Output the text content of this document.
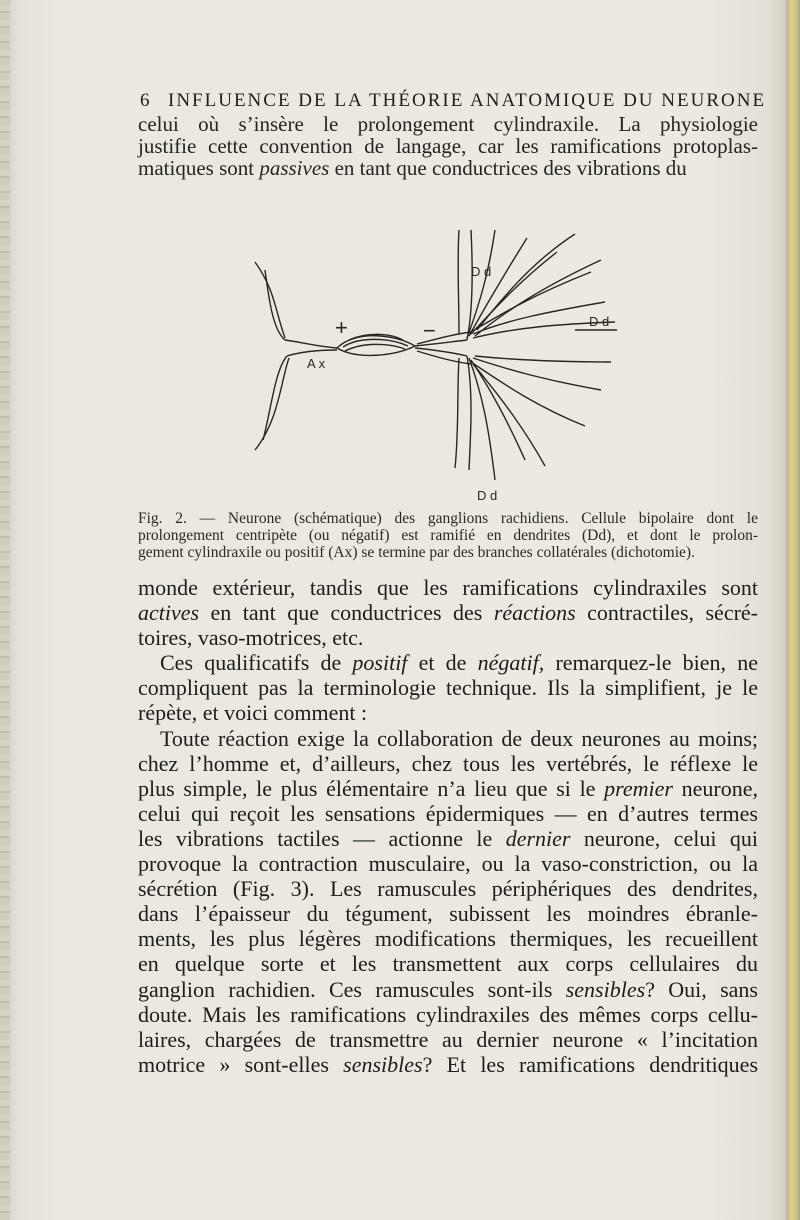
6 INFLUENCE DE LA THÉORIE ANATOMIQUE DU NEURONE
celui où s’insère le prolongement cylindraxile. La physiologie
justifie cette convention de langage, car les ramifications protoplas-
matiques sont passives en tant que conductrices des vibrations du
+	−
A x
D d
D d
D d
Fig. 2. — Neurone (schématique) des ganglions rachidiens. Cellule bipolaire dont le
prolongement centripète (ou négatif) est ramifié en dendrites (Dd), et dont le prolon-
gement cylindraxile ou positif (Ax) se termine par des branches collatérales (dichotomie).
monde extérieur, tandis que les ramifications cylindraxiles sont
actives en tant que conductrices des réactions contractiles, sécré-
toires, vaso-motrices, etc.
Ces qualificatifs de positif et de négatif, remarquez-le bien, ne
compliquent pas la terminologie technique. Ils la simplifient, je le
répète, et voici comment :
Toute réaction exige la collaboration de deux neurones au moins;
chez l’homme et, d’ailleurs, chez tous les vertébrés, le réflexe le
plus simple, le plus élémentaire n’a lieu que si le premier neurone,
celui qui reçoit les sensations épidermiques — en d’autres termes
les vibrations tactiles — actionne le dernier neurone, celui qui
provoque la contraction musculaire, ou la vaso-constriction, ou la
sécrétion (Fig. 3). Les ramuscules périphériques des dendrites,
dans l’épaisseur du tégument, subissent les moindres ébranle-
ments, les plus légères modifications thermiques, les recueillent
en quelque sorte et les transmettent aux corps cellulaires du
ganglion rachidien. Ces ramuscules sont-ils sensibles? Oui, sans
doute. Mais les ramifications cylindraxiles des mêmes corps cellu-
laires, chargées de transmettre au dernier neurone « l’incitation
motrice » sont-elles sensibles? Et les ramifications dendritiques
